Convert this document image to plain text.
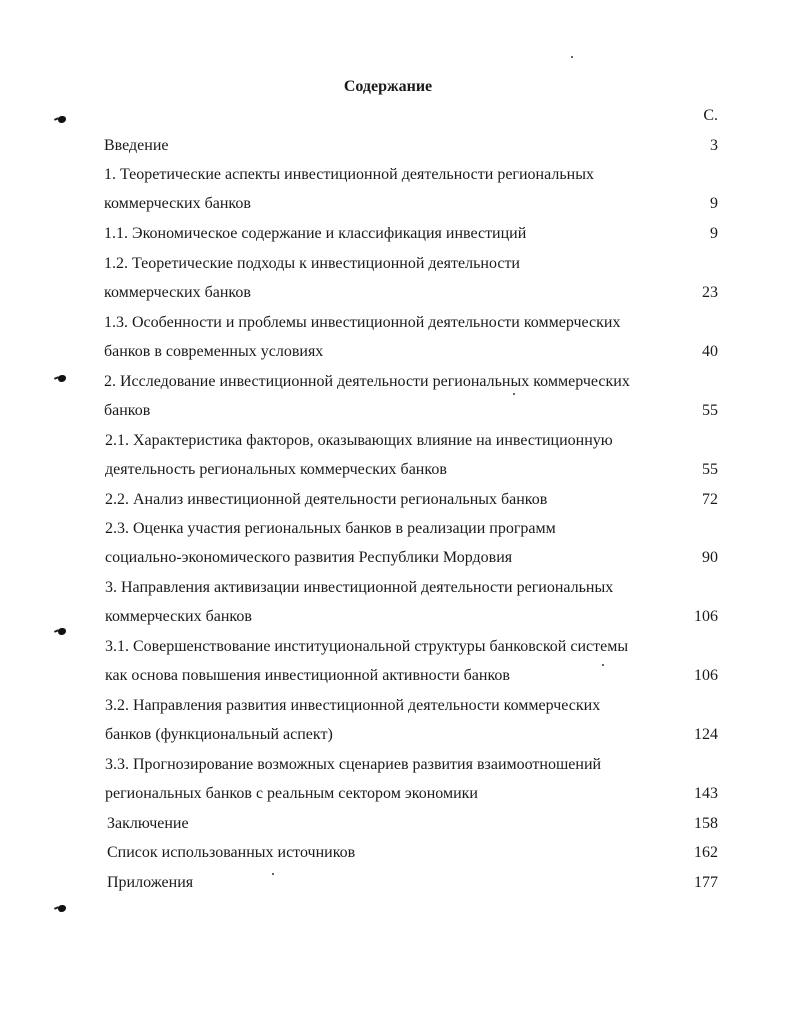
Содержание
С.
Введение	3
1. Теоретические аспекты инвестиционной деятельности региональных
коммерческих банков	9
1.1. Экономическое содержание и классификация инвестиций	9
1.2. Теоретические подходы к инвестиционной деятельности
коммерческих банков	23
1.3. Особенности и проблемы инвестиционной деятельности коммерческих
банков в современных условиях	40
2. Исследование инвестиционной деятельности региональных коммерческих
банков	55
2.1. Характеристика факторов, оказывающих влияние на инвестиционную
деятельность региональных коммерческих банков	55
2.2. Анализ инвестиционной деятельности региональных банков	72
2.3. Оценка участия региональных банков в реализации программ
социально-экономического развития Республики Мордовия	90
3. Направления активизации инвестиционной деятельности региональных
коммерческих банков	106
3.1. Совершенствование институциональной структуры банковской системы
как основа повышения инвестиционной активности банков	106
3.2. Направления развития инвестиционной деятельности коммерческих
банков (функциональный аспект)	124
3.3. Прогнозирование возможных сценариев развития взаимоотношений
региональных банков с реальным сектором экономики	143
Заключение	158
Список использованных источников	162
Приложения	177
